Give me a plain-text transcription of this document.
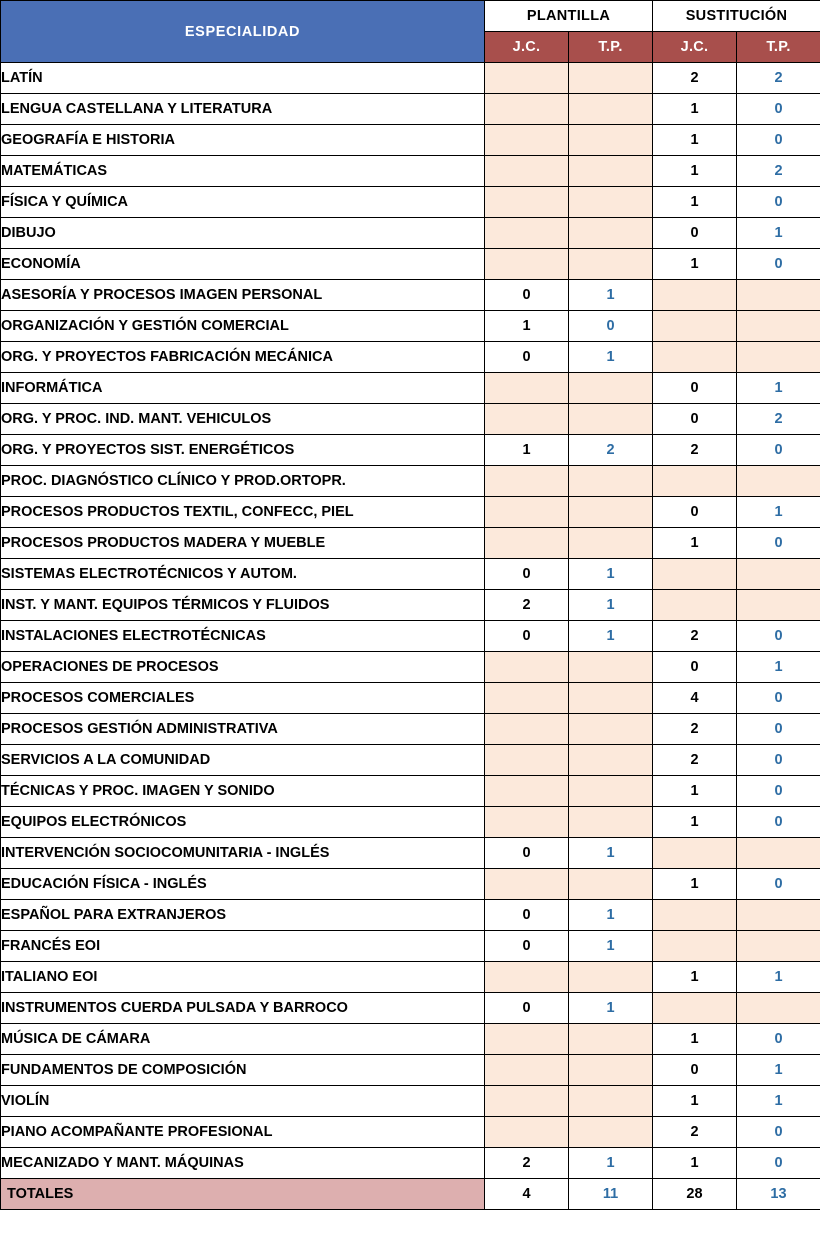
ESPECIALIDAD	PLANTILLA		SUSTITUCIÓN	
	J.C.	T.P.	J.C.	T.P.
LATÍN			2	2
LENGUA CASTELLANA Y LITERATURA			1	0
GEOGRAFÍA E HISTORIA			1	0
MATEMÁTICAS			1	2
FÍSICA Y QUÍMICA			1	0
DIBUJO			0	1
ECONOMÍA			1	0
ASESORÍA Y PROCESOS IMAGEN PERSONAL	0	1		
ORGANIZACIÓN Y GESTIÓN COMERCIAL	1	0		
ORG. Y PROYECTOS FABRICACIÓN MECÁNICA	0	1		
INFORMÁTICA			0	1
ORG. Y PROC. IND. MANT. VEHICULOS			0	2
ORG. Y PROYECTOS SIST. ENERGÉTICOS	1	2	2	0
PROC. DIAGNÓSTICO CLÍNICO Y PROD.ORTOPR.				
PROCESOS PRODUCTOS TEXTIL, CONFECC, PIEL			0	1
PROCESOS PRODUCTOS MADERA Y MUEBLE			1	0
SISTEMAS ELECTROTÉCNICOS Y AUTOM.	0	1		
INST. Y MANT. EQUIPOS TÉRMICOS Y FLUIDOS	2	1		
INSTALACIONES ELECTROTÉCNICAS	0	1	2	0
OPERACIONES DE PROCESOS			0	1
PROCESOS COMERCIALES			4	0
PROCESOS GESTIÓN ADMINISTRATIVA			2	0
SERVICIOS A LA COMUNIDAD			2	0
TÉCNICAS Y PROC. IMAGEN Y SONIDO			1	0
EQUIPOS ELECTRÓNICOS			1	0
INTERVENCIÓN SOCIOCOMUNITARIA - INGLÉS	0	1		
EDUCACIÓN FÍSICA - INGLÉS			1	0
ESPAÑOL PARA EXTRANJEROS	0	1		
FRANCÉS EOI	0	1		
ITALIANO EOI			1	1
INSTRUMENTOS CUERDA PULSADA Y BARROCO	0	1		
MÚSICA DE CÁMARA			1	0
FUNDAMENTOS DE COMPOSICIÓN			0	1
VIOLÍN			1	1
PIANO ACOMPAÑANTE PROFESIONAL			2	0
MECANIZADO Y MANT. MÁQUINAS	2	1	1	0
TOTALES	4	11	28	13
